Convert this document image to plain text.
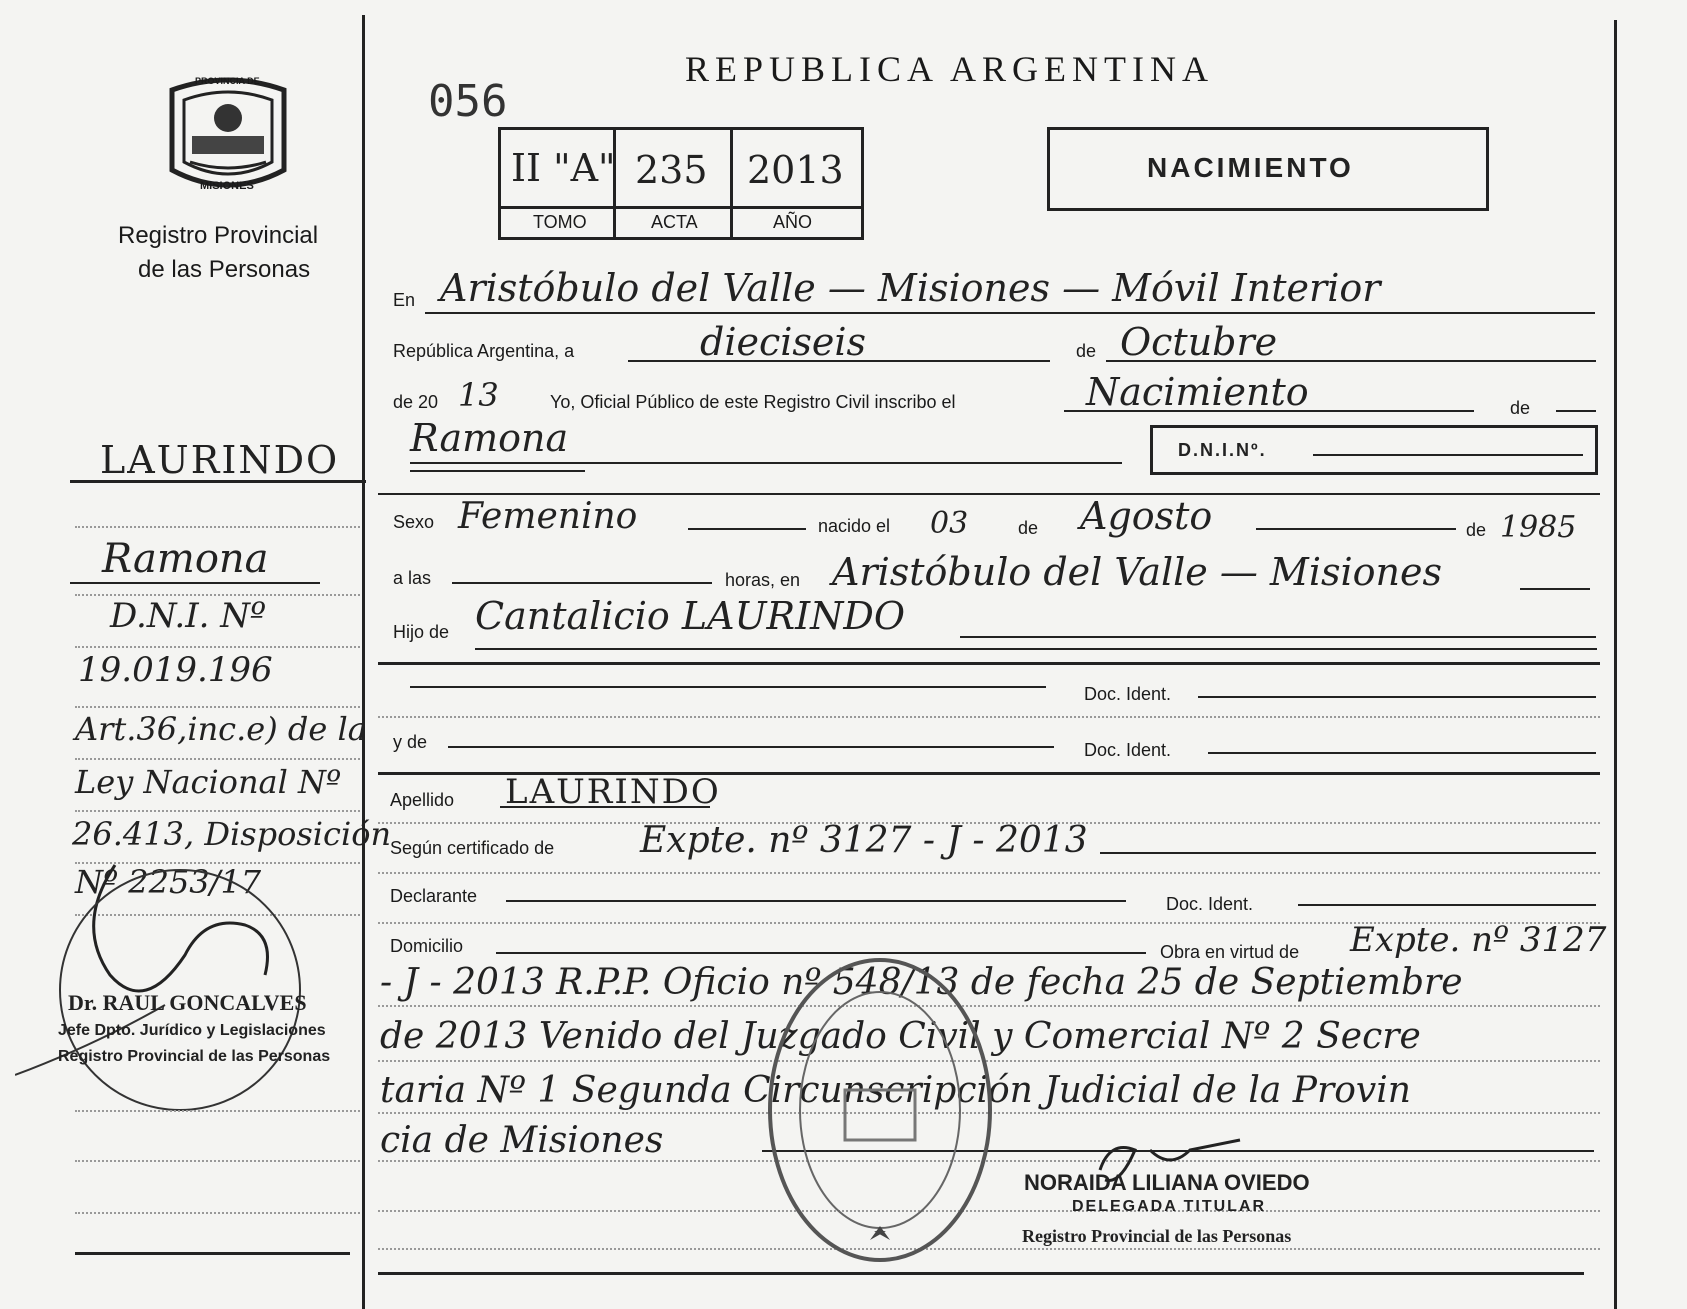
PROVINCIA DE
MISIONES
Registro Provincial
de las Personas
LAURINDO
Ramona
D.N.I. Nº
19.019.196
Art.36,inc.e) de la
Ley Nacional Nº
26.413, Disposición
Nº 2253/17
Dr. RAUL GONCALVES
Jefe Dpto. Jurídico y Legislaciones
Registro Provincial de las Personas
REPUBLICA ARGENTINA
056
II "A" 235 2013
TOMO	ACTA	AÑO
NACIMIENTO
En Aristóbulo del Valle — Misiones — Móvil Interior
República Argentina, a	dieciseis	de Octubre
de 20 13	Yo, Oficial Público de este Registro Civil inscribo el	Nacimiento	de
Ramona	D.N.I.Nº.
Sexo Femenino	nacido el 03	de Agosto	de 1985
a las	horas, en Aristóbulo del Valle — Misiones
Hijo de Cantalicio LAURINDO
Doc. Ident.
y de	Doc. Ident.
Apellido LAURINDO
Según certificado de Expte. nº 3127 - J - 2013
Declarante	Doc. Ident.
Domicilio	Obra en virtud de Expte. nº 3127
- J - 2013 R.P.P. Oficio nº 548/13 de fecha 25 de Septiembre
de 2013 Venido del Juzgado Civil y Comercial Nº 2 Secre
taria Nº 1 Segunda Circunscripción Judicial de la Provin
cia de Misiones
NORAIDA LILIANA OVIEDO
DELEGADA TITULAR
Registro Provincial de las Personas
